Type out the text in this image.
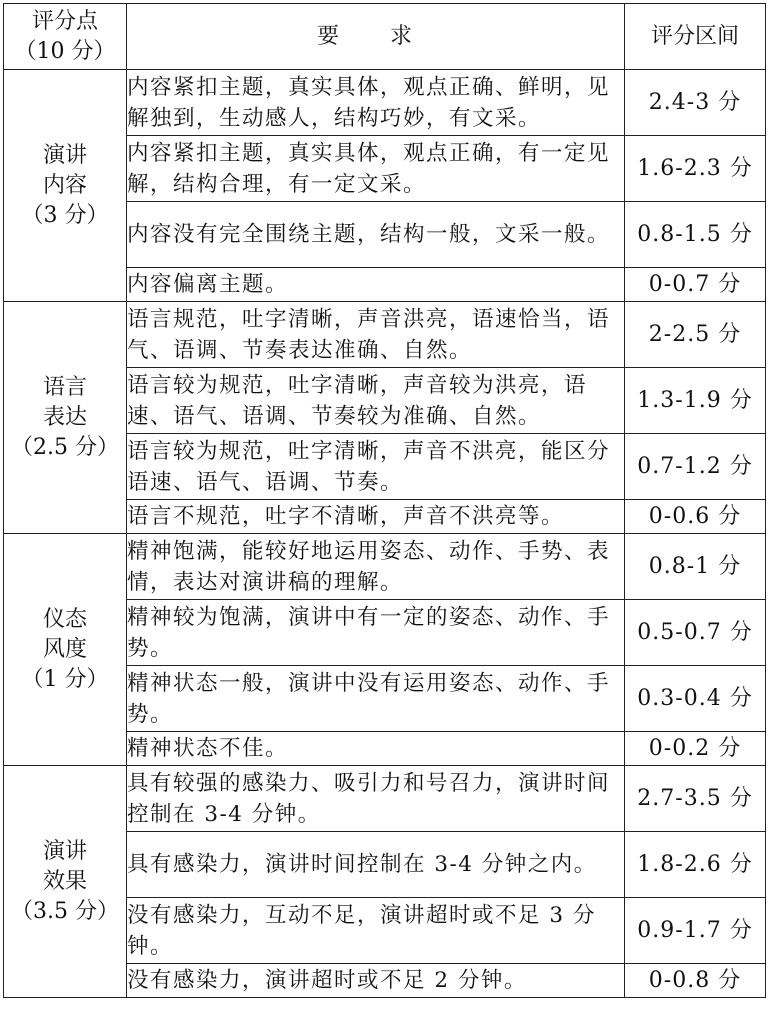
评分点
（10 分）	要 求	评分区间

演讲
内容
（3 分）	内容紧扣主题，真实具体，观点正确、鲜明，见解独到，生动感人，结构巧妙，有文采。	2.4-3 分
	内容紧扣主题，真实具体，观点正确，有一定见解，结构合理，有一定文采。	1.6-2.3 分
	内容没有完全围绕主题，结构一般，文采一般。	0.8-1.5 分
	内容偏离主题。	0-0.7 分

语言
表达
（2.5 分）	语言规范，吐字清晰，声音洪亮，语速恰当，语气、语调、节奏表达准确、自然。	2-2.5 分
	语言较为规范，吐字清晰，声音较为洪亮，语速、语气、语调、节奏较为准确、自然。	1.3-1.9 分
	语言较为规范，吐字清晰，声音不洪亮，能区分语速、语气、语调、节奏。	0.7-1.2 分
	语言不规范，吐字不清晰，声音不洪亮等。	0-0.6 分

仪态
风度
（1 分）	精神饱满，能较好地运用姿态、动作、手势、表情，表达对演讲稿的理解。	0.8-1 分
	精神较为饱满，演讲中有一定的姿态、动作、手势。	0.5-0.7 分
	精神状态一般，演讲中没有运用姿态、动作、手势。	0.3-0.4 分
	精神状态不佳。	0-0.2 分

演讲
效果
（3.5 分）	具有较强的感染力、吸引力和号召力，演讲时间控制在 3-4 分钟。	2.7-3.5 分
	具有感染力，演讲时间控制在 3-4 分钟之内。	1.8-2.6 分
	没有感染力，互动不足，演讲超时或不足 3 分钟。	0.9-1.7 分
	没有感染力，演讲超时或不足 2 分钟。	0-0.8 分
